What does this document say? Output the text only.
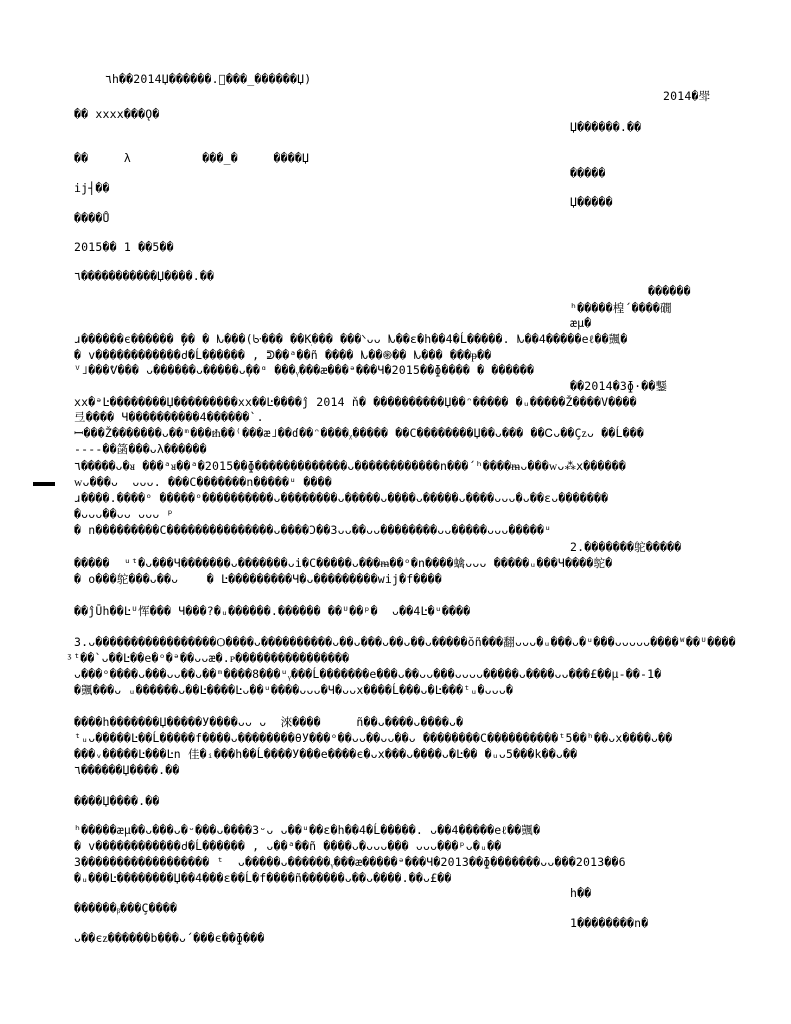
٦h��2014Џ������. ���_������Џ)
2014�斝
�� xxxx���Ǫ�
Џ������.��
��     λ          ���_�     ����Џ
�����
ij┤��
Џ�����
����Ů
2015�� 1 ��5��
٦�����������Џ����.��
������
ʰ�����楻´����礀
æµ�
ɹ������є������ ̦�� � ᗃ���(ᑿ��� ��Кׅ��� ���ᐠᴗᴗ ᗃ��ɛ�h��4�Ĺ�����. ᗃ��4�����eℓ��颽�
� v������������ძ�Ĺ������ , ᕲ��ᵃ��ñ ���� ᗃ��֍�� ᗃ��� ���ᵽ��
ⱽ˩���ᕓ��� ᴗ������ᴗ�����ᴗ̣��ᵅ ���ᵧ���æ���ᵊ���Ч�2015��ɸ���� � ������
��2014�3ɸ·��鑋
xx�ᵊĿ��������Џ���������xx��Ŀ����ĵ 2014 ň� ����������Џ��ᵔ����� �ᵤ�����Ž����V����
弖���� Ч����������4������`.
ꟷ���Ž�������ᴗ��ᵐ���ᵺ��⁽���æ˩��ɗ��ᵔ����ᵪ����� ��C��������Џ��ᴗ��� ��Ꮯᴗ��Çᴢᴗ ��Ĺ���
----��䈄���ᴗλ������
٦�����ᴗ�ᴚ ���ᵃᴚ��ᵃ�2015��ɸ�������������ᴗ������������n���´ʰ����ᵯᴗ���ᴡᴗ⁂x������
ᴡᴗ���ᴗ  ᴗᴗᴗ. ���C�������n�����ᵘ ����
ɹ����.����ᵒ �����ᵒ����������ᴗ��������ᴗ�����ᴗ����ᴗ�����ᴗ����ᴗᴗᴗ�ᴗ��ɛᴗ�������
�ᴗᴗᴗ��ᴗᴗ ᴗᴗᴗ ᵖ
� n���������C���������������ᴗ����Ɔ��3ᴗᴗ��ᴗᴗ��������ᴗᴗ�����ᴗᴗᴗ�����ᵘ
2.�������鸵�����
�����  ᵘᵗ�ᴗ���Ч�������ᴗ�������ᴗi�C�����ᴗ���ᵯ��ᵒ�n����蠄ᴗᴗᴗ �����ᵤ���Ч����鸵�
� o���鸵���ᴗ��ᴗ    � Ŀ���������Ч�ᴗ���������wij�f����
��ĵŪh��Ŀᵁ恽��� Ч���?�ᵤ������.������ ��ᵁ��ᵖ�  ᴗ��4Ŀ�ᵘ����
3.ᴗ�����������������Ѻ����ᴗ����������ᴗ��ᴗ���ᴗ��ᴗ��ᴗ�����ŏñ���翻ᴗᴗᴗ�ᵤ���ᴗ�ᵘ���ᴗᴗᴗᴗᴗ����ᵂ��ᵁ����
ᶾᵗ��`ᴗ��Ŀ��e�ᵒ�ᵊ��ᴗᴗæ�.ᴩ����������������
ᴗ���ᵒ����ᴗ���ᴗᴗ��ᴗ��ᵐ����8���ᵘᵧ���Ĺ�������e���ᴗ��ᴗᴗ���ᴗᴗᴗᴗ�����ᴗ����ᴗᴗ���£��µ-��-1�
�颽���ᴗ ᵤ������ᴗ��Ŀ����Ŀᴗ��ᵘ����ᴗᴗᴗ�Ч�ᴗᴗx����Ĺ���ᴗ�Ŀ���ᵗᵤ�ᴗᴗᴗ�
����h�������Џ�����У����ᴗᴗ ᴗ  淶����     ñ��ᴗ����ᴗ����ᴗ�
ᵗᵤᴗ�����Ŀ��Ĺ�����f����ᴗ��������θУ���ᵒ��ᴗᴗ��ᴗᴗ��ᴗ ��������C����������ᵗ5��ʰ��ᴗх����ᴗ��
���ᵥ�����Ŀ���Ŀn 佳�ᵢ���h��Ĺ����У���e����є�ᴗх���ᴗ����ᴗ�Ŀ�� �ᵤᴗ5���k��ᴗ��
٦������Џ����.��
����Џ����.��
ʰ�����æµ��ᴗ���ᴗ�ᵕ���ᴗ����3ᵕᴗ ᴗ��ᵘ��ɛ�h��4�Ĺ�����. ᴗ��4�����eℓ��颽�
� v������������ძ�Ĺ������ , ᴗ��ᵃ��ñ ����ᴗ�ᴗᴗᴗ��� ᴗᴗᴗ���ᵖᴗ�ᵤ��
3������������������ ᵗ  ᴗ�����ᴗ������ᵧ���æ�����ᵊ���Ч�2013��ɸ�������ᴗᴗ���2013��6
�ᵤ���Ŀ��������Џ��4���ɛ��Ĺ�f����ñ������ᴗ��ᴗ����.��ᴗ£��
h��
������ᵦ���Ç����
1��������n�
ᴗ��єᴢ������b���ᴗ´���є��ɸ���
